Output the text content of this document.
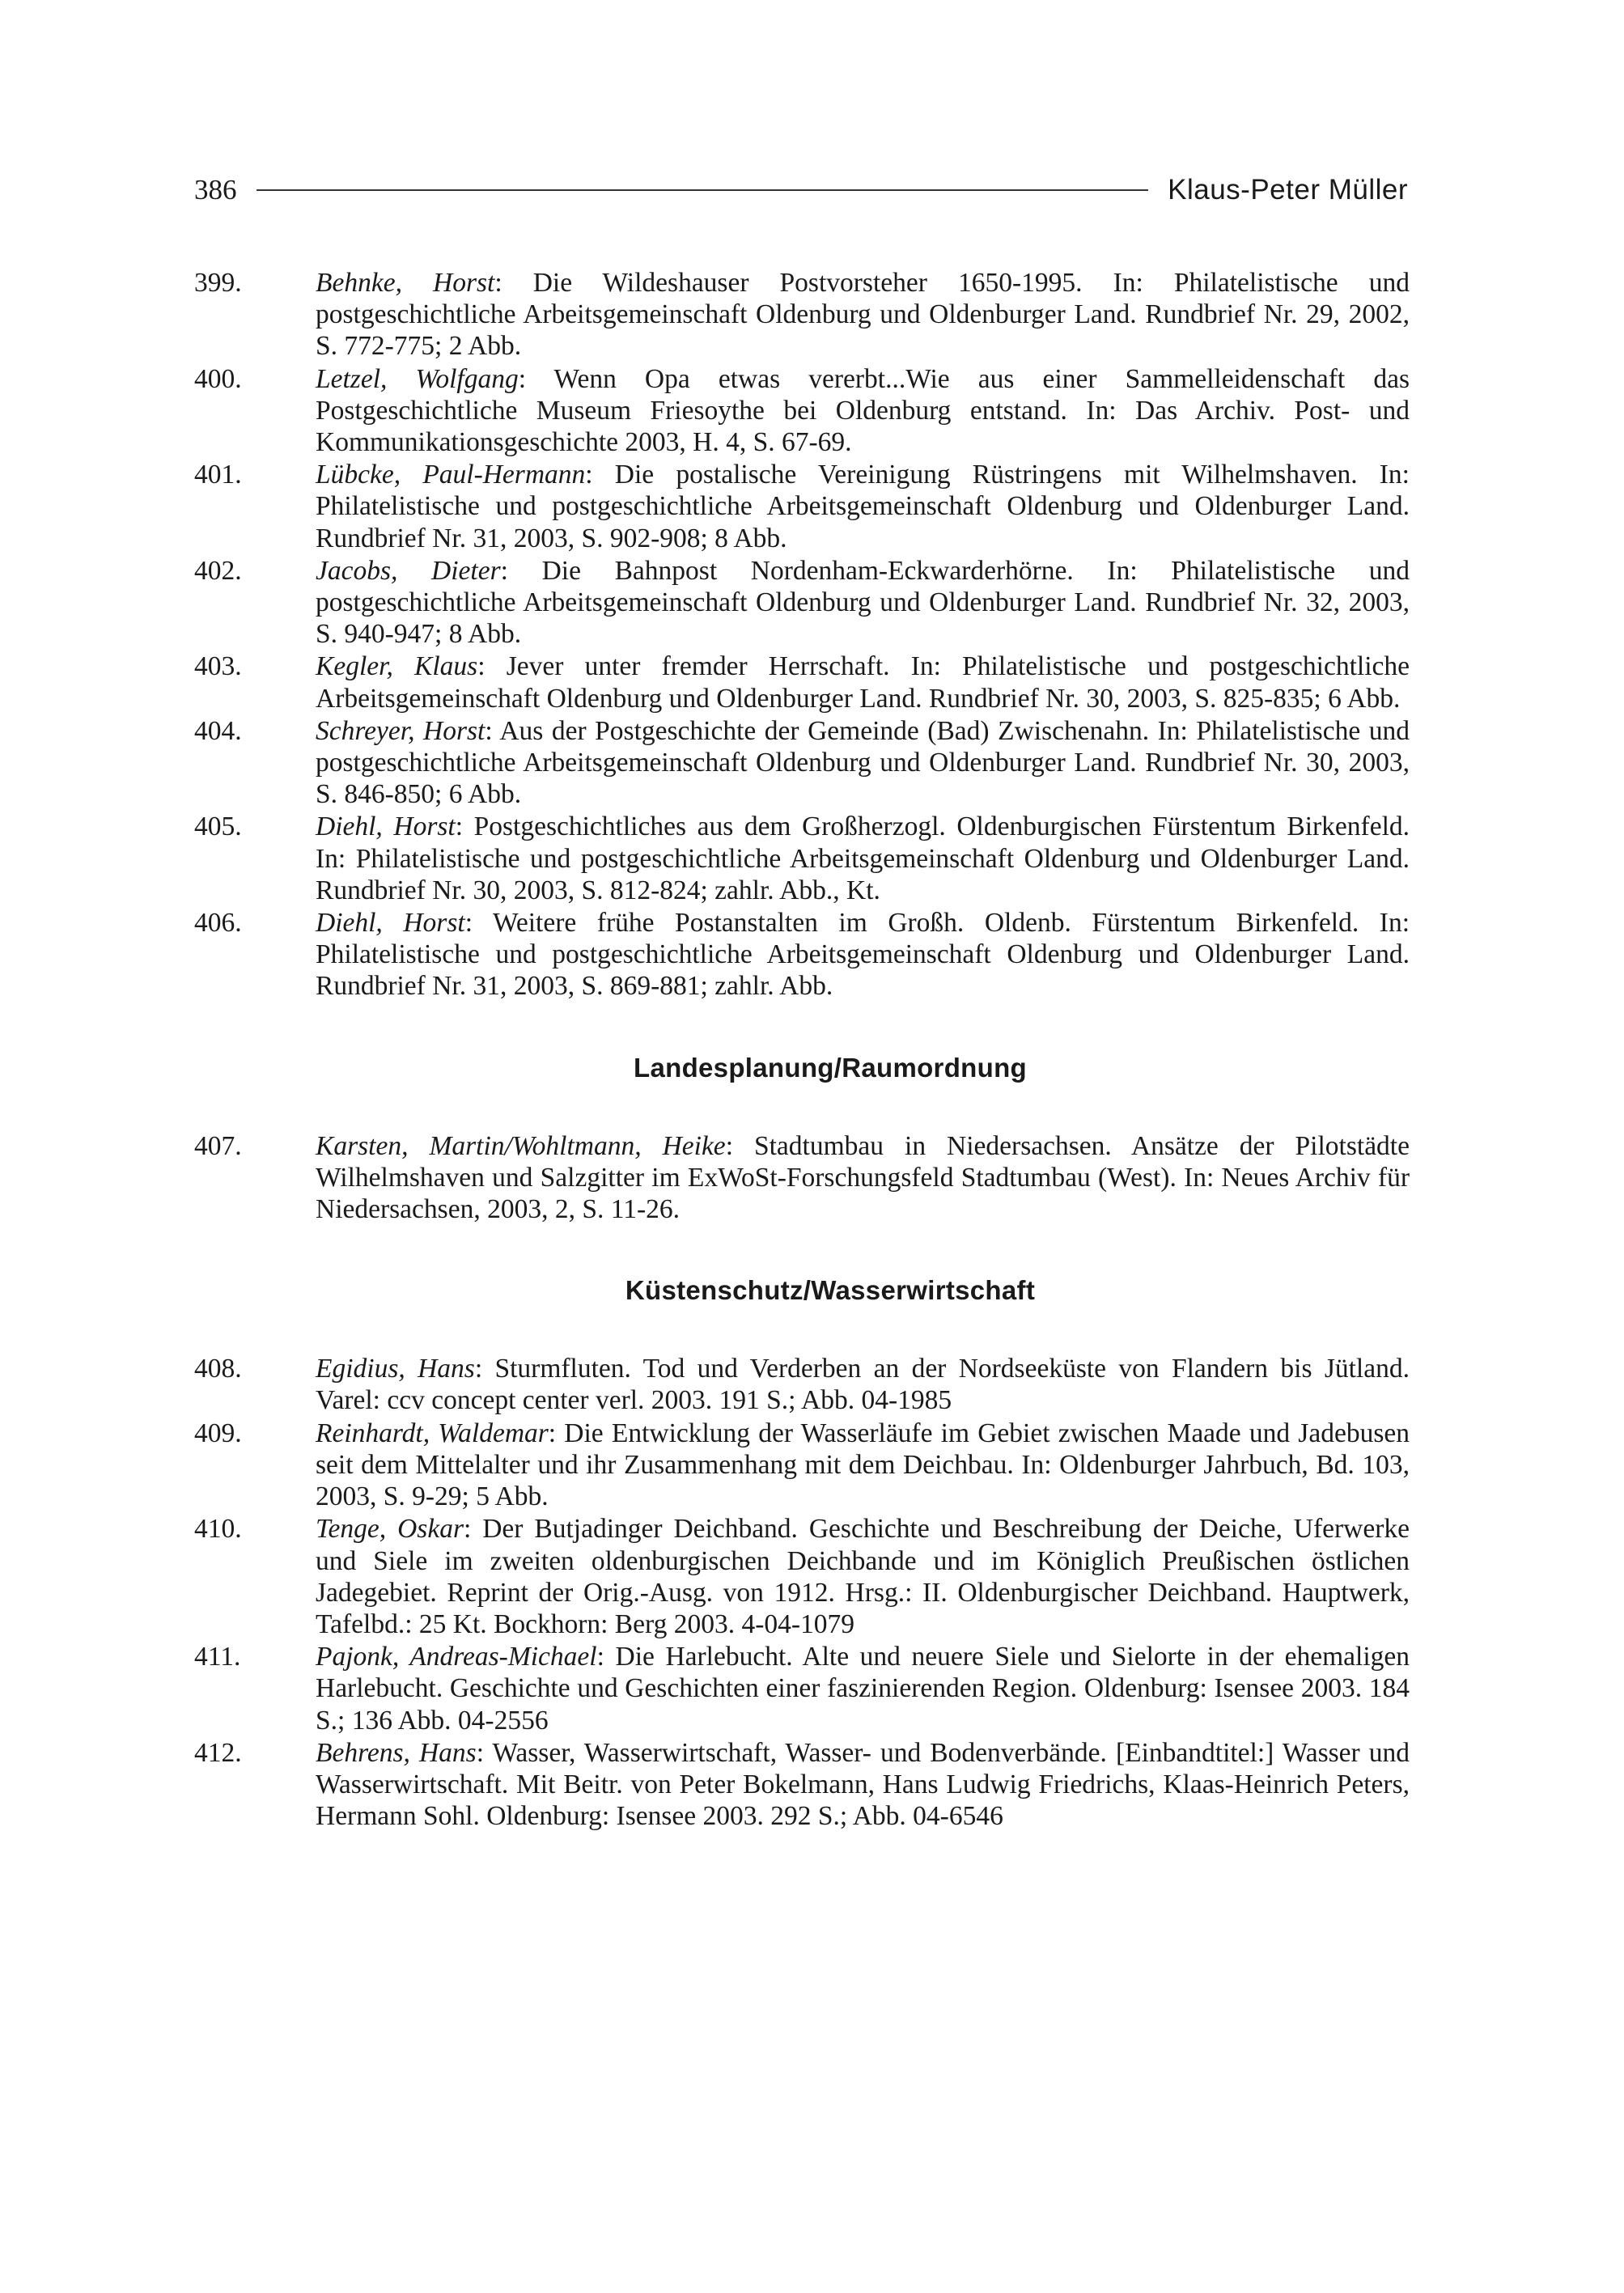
386	Klaus-Peter Müller
399.	Behnke, Horst: Die Wildeshauser Postvorsteher 1650-1995. In: Philatelistische und postgeschichtliche Arbeitsgemeinschaft Oldenburg und Oldenburger Land. Rundbrief Nr. 29, 2002, S. 772-775; 2 Abb.
400.	Letzel, Wolfgang: Wenn Opa etwas vererbt...Wie aus einer Sammelleidenschaft das Postgeschichtliche Museum Friesoythe bei Oldenburg entstand. In: Das Archiv. Post- und Kommunikationsgeschichte 2003, H. 4, S. 67-69.
401.	Lübcke, Paul-Hermann: Die postalische Vereinigung Rüstringens mit Wilhelmshaven. In: Philatelistische und postgeschichtliche Arbeitsgemeinschaft Oldenburg und Oldenburger Land. Rundbrief Nr. 31, 2003, S. 902-908; 8 Abb.
402.	Jacobs, Dieter: Die Bahnpost Nordenham-Eckwarderhörne. In: Philatelistische und postgeschichtliche Arbeitsgemeinschaft Oldenburg und Oldenburger Land. Rundbrief Nr. 32, 2003, S. 940-947; 8 Abb.
403.	Kegler, Klaus: Jever unter fremder Herrschaft. In: Philatelistische und postgeschichtliche Arbeitsgemeinschaft Oldenburg und Oldenburger Land. Rundbrief Nr. 30, 2003, S. 825-835; 6 Abb.
404.	Schreyer, Horst: Aus der Postgeschichte der Gemeinde (Bad) Zwischenahn. In: Philatelistische und postgeschichtliche Arbeitsgemeinschaft Oldenburg und Oldenburger Land. Rundbrief Nr. 30, 2003, S. 846-850; 6 Abb.
405.	Diehl, Horst: Postgeschichtliches aus dem Großherzogl. Oldenburgischen Fürstentum Birkenfeld. In: Philatelistische und postgeschichtliche Arbeitsgemeinschaft Oldenburg und Oldenburger Land. Rundbrief Nr. 30, 2003, S. 812-824; zahlr. Abb., Kt.
406.	Diehl, Horst: Weitere frühe Postanstalten im Großh. Oldenb. Fürstentum Birkenfeld. In: Philatelistische und postgeschichtliche Arbeitsgemeinschaft Oldenburg und Oldenburger Land. Rundbrief Nr. 31, 2003, S. 869-881; zahlr. Abb.
Landesplanung/Raumordnung
407.	Karsten, Martin/Wohltmann, Heike: Stadtumbau in Niedersachsen. Ansätze der Pilotstädte Wilhelmshaven und Salzgitter im ExWoSt-Forschungsfeld Stadtumbau (West). In: Neues Archiv für Niedersachsen, 2003, 2, S. 11-26.
Küstenschutz/Wasserwirtschaft
408.	Egidius, Hans: Sturmfluten. Tod und Verderben an der Nordseeküste von Flandern bis Jütland. Varel: ccv concept center verl. 2003. 191 S.; Abb. 04-1985
409.	Reinhardt, Waldemar: Die Entwicklung der Wasserläufe im Gebiet zwischen Maade und Jadebusen seit dem Mittelalter und ihr Zusammenhang mit dem Deichbau. In: Oldenburger Jahrbuch, Bd. 103, 2003, S. 9-29; 5 Abb.
410.	Tenge, Oskar: Der Butjadinger Deichband. Geschichte und Beschreibung der Deiche, Uferwerke und Siele im zweiten oldenburgischen Deichbande und im Königlich Preußischen östlichen Jadegebiet. Reprint der Orig.-Ausg. von 1912. Hrsg.: II. Oldenburgischer Deichband. Hauptwerk, Tafelbd.: 25 Kt. Bockhorn: Berg 2003. 4-04-1079
411.	Pajonk, Andreas-Michael: Die Harlebucht. Alte und neuere Siele und Sielorte in der ehemaligen Harlebucht. Geschichte und Geschichten einer faszinierenden Region. Oldenburg: Isensee 2003. 184 S.; 136 Abb. 04-2556
412.	Behrens, Hans: Wasser, Wasserwirtschaft, Wasser- und Bodenverbände. [Einbandtitel:] Wasser und Wasserwirtschaft. Mit Beitr. von Peter Bokelmann, Hans Ludwig Friedrichs, Klaas-Heinrich Peters, Hermann Sohl. Oldenburg: Isensee 2003. 292 S.; Abb. 04-6546
